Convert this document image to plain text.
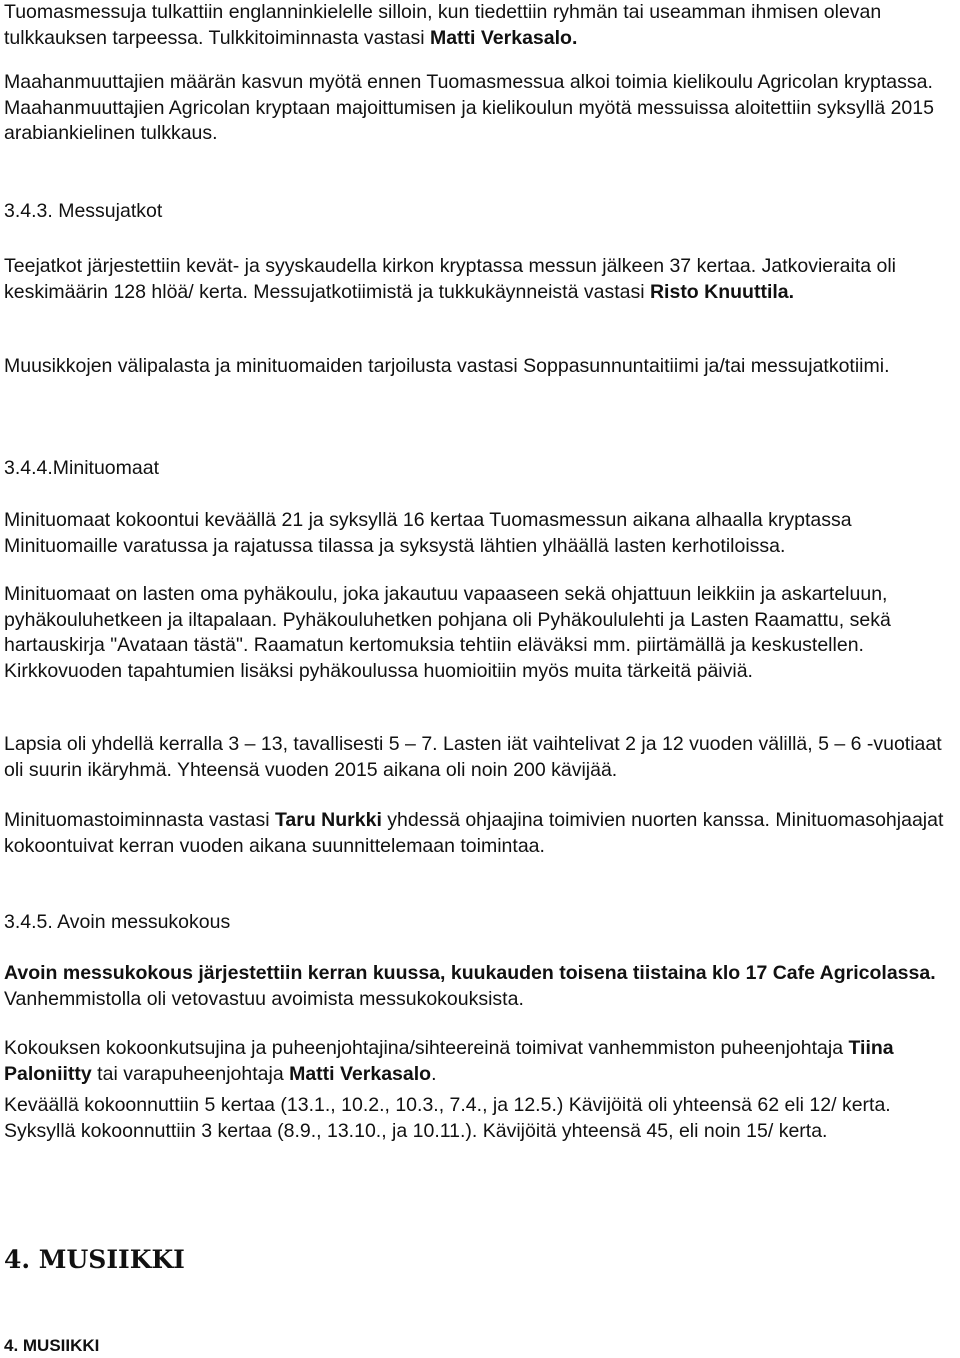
Tuomasmessuja tulkattiin englanninkielelle silloin, kun tiedettiin ryhmän tai useamman ihmisen olevan tulkkauksen tarpeessa. Tulkkitoiminnasta vastasi Matti Verkasalo.

Maahanmuuttajien määrän kasvun myötä ennen Tuomasmessua alkoi toimia kielikoulu Agricolan kryptassa. Maahanmuuttajien Agricolan kryptaan majoittumisen ja kielikoulun myötä messuissa aloitettiin syksyllä 2015 arabiankielinen tulkkaus.

3.4.3. Messujatkot

Teejatkot järjestettiin kevät- ja syyskaudella kirkon kryptassa messun jälkeen 37 kertaa. Jatkovieraita oli keskimäärin 128 hlöä/ kerta. Messujatkotiimistä ja tukkukäynneistä vastasi Risto Knuuttila.

Muusikkojen välipalasta ja minituomaiden tarjoilusta vastasi Soppasunnuntaitiimi ja/tai messujatkotiimi.

3.4.4.Minituomaat

Minituomaat kokoontui keväällä 21 ja syksyllä 16 kertaa Tuomasmessun aikana alhaalla kryptassa Minituomaille varatussa ja rajatussa tilassa ja syksystä lähtien ylhäällä lasten kerhotiloissa.

Minituomaat on lasten oma pyhäkoulu, joka jakautuu vapaaseen sekä ohjattuun leikkiin ja askarteluun, pyhäkouluhetkeen ja iltapalaan. Pyhäkouluhetken pohjana oli Pyhäkoululehti ja Lasten Raamattu, sekä hartauskirja "Avataan tästä". Raamatun kertomuksia tehtiin eläväksi mm. piirtämällä ja keskustellen. Kirkkovuoden tapahtumien lisäksi pyhäkoulussa huomioitiin myös muita tärkeitä päiviä.

Lapsia oli yhdellä kerralla 3 – 13, tavallisesti 5 – 7. Lasten iät vaihtelivat 2 ja 12 vuoden välillä, 5 – 6 -vuotiaat oli suurin ikäryhmä. Yhteensä vuoden 2015 aikana oli noin 200 kävijää.

Minituomastoiminnasta vastasi Taru Nurkki yhdessä ohjaajina toimivien nuorten kanssa. Minituomasohjaajat kokoontuivat kerran vuoden aikana suunnittelemaan toimintaa.

3.4.5. Avoin messukokous

Avoin messukokous järjestettiin kerran kuussa, kuukauden toisena tiistaina klo 17 Cafe Agricolassa. Vanhemmistolla oli vetovastuu avoimista messukokouksista.

Kokouksen kokoonkutsujina ja puheenjohtajina/sihteereinä toimivat vanhemmiston puheenjohtaja Tiina Paloniitty tai varapuheenjohtaja Matti Verkasalo.

Keväällä kokoonnuttiin 5 kertaa (13.1., 10.2., 10.3., 7.4., ja 12.5.) Kävijöitä oli yhteensä 62 eli 12/ kerta. Syksyllä kokoonnuttiin 3 kertaa (8.9., 13.10., ja 10.11.). Kävijöitä yhteensä 45, eli noin 15/ kerta.

4. MUSIIKKI

4. MUSIIKKI
